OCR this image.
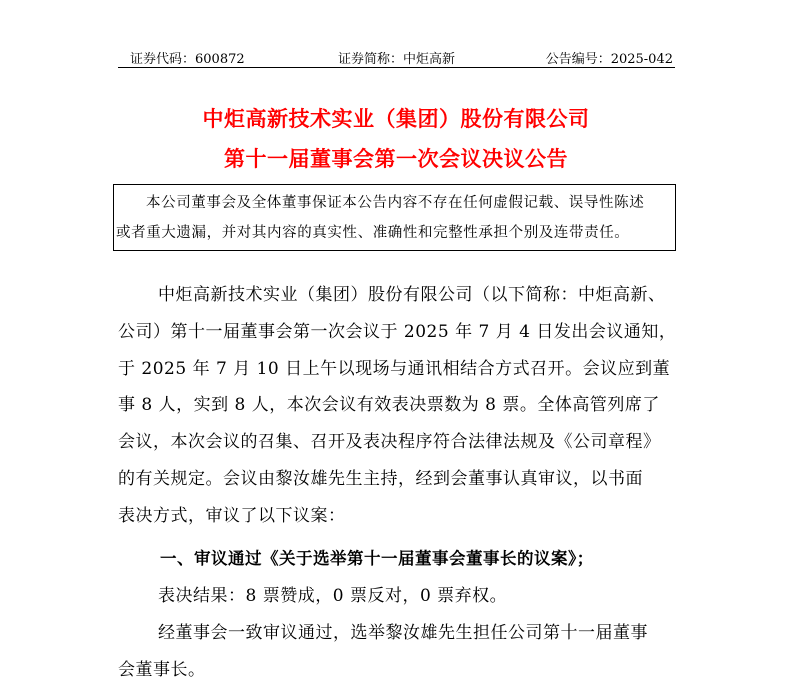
证券代码：600872	证券简称：中炬高新	公告编号：2025-042
中炬高新技术实业（集团）股份有限公司
第十一届董事会第一次会议决议公告
本公司董事会及全体董事保证本公告内容不存在任何虚假记载、误导性陈述
或者重大遗漏，并对其内容的真实性、准确性和完整性承担个别及连带责任。
中炬高新技术实业（集团）股份有限公司（以下简称：中炬高新、
公司）第十一届董事会第一次会议于 2025 年 7 月 4 日发出会议通知，
于 2025 年 7 月 10 日上午以现场与通讯相结合方式召开。会议应到董
事 8 人，实到 8 人，本次会议有效表决票数为 8 票。全体高管列席了
会议，本次会议的召集、召开及表决程序符合法律法规及《公司章程》
的有关规定。会议由黎汝雄先生主持，经到会董事认真审议，以书面
表决方式，审议了以下议案：
一、审议通过《关于选举第十一届董事会董事长的议案》；
表决结果：8 票赞成，0 票反对，0 票弃权。
经董事会一致审议通过，选举黎汝雄先生担任公司第十一届董事
会董事长。
